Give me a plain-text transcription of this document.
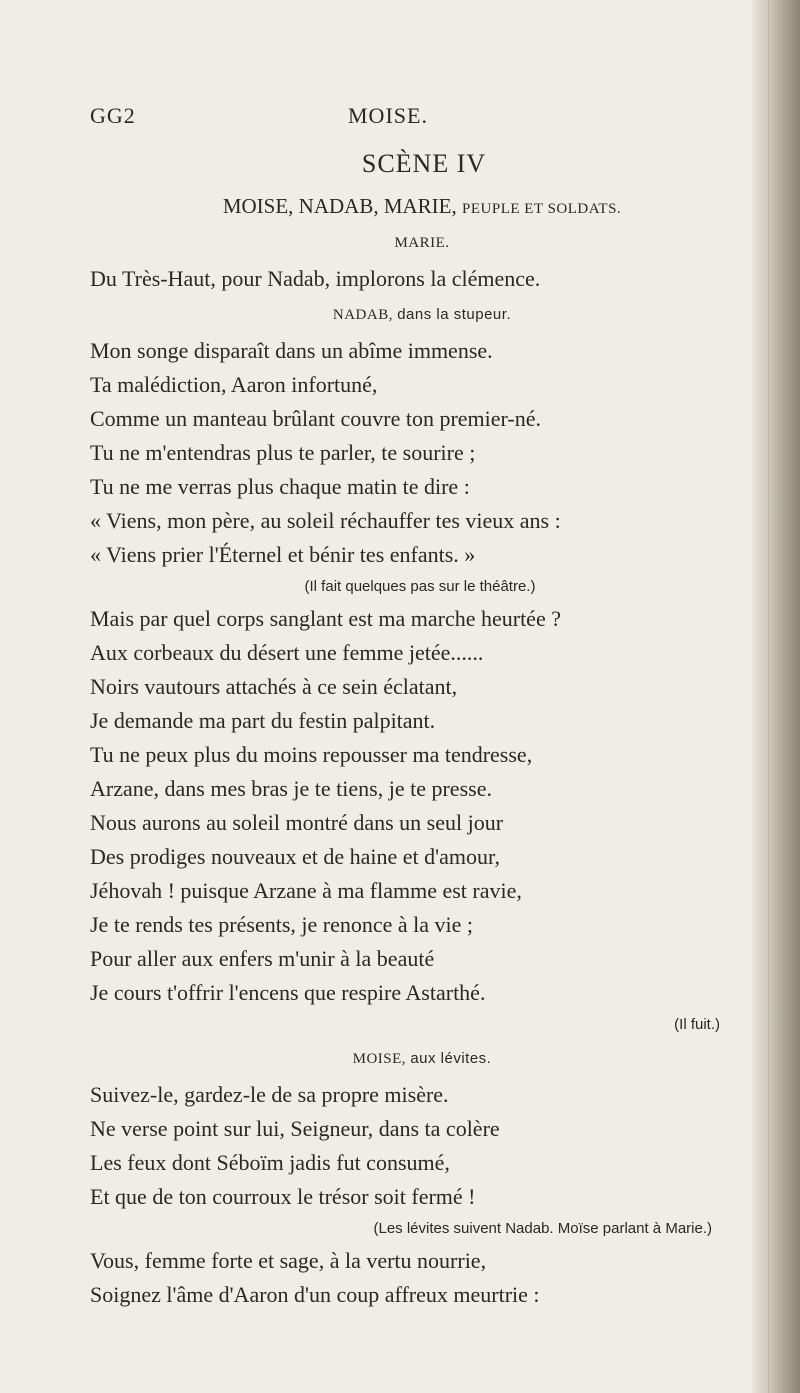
GG2	MOISE.

SCÈNE IV

MOISE, NADAB, MARIE, PEUPLE ET SOLDATS.

MARIE.

Du Très-Haut, pour Nadab, implorons la clémence.

NADAB, dans la stupeur.

Mon songe disparaît dans un abîme immense.

Ta malédiction, Aaron infortuné,

Comme un manteau brûlant couvre ton premier-né.

Tu ne m'entendras plus te parler, te sourire ;

Tu ne me verras plus chaque matin te dire :

« Viens, mon père, au soleil réchauffer tes vieux ans :

« Viens prier l'Éternel et bénir tes enfants. »

(Il fait quelques pas sur le théâtre.)

Mais par quel corps sanglant est ma marche heurtée ?

Aux corbeaux du désert une femme jetée......

Noirs vautours attachés à ce sein éclatant,

Je demande ma part du festin palpitant.

Tu ne peux plus du moins repousser ma tendresse,

Arzane, dans mes bras je te tiens, je te presse.

Nous aurons au soleil montré dans un seul jour

Des prodiges nouveaux et de haine et d'amour,

Jéhovah ! puisque Arzane à ma flamme est ravie,

Je te rends tes présents, je renonce à la vie ;

Pour aller aux enfers m'unir à la beauté

Je cours t'offrir l'encens que respire Astarthé.

(Il fuit.)

MOISE, aux lévites.

Suivez-le, gardez-le de sa propre misère.

Ne verse point sur lui, Seigneur, dans ta colère

Les feux dont Séboïm jadis fut consumé,

Et que de ton courroux le trésor soit fermé !

(Les lévites suivent Nadab. Moïse parlant à Marie.)

Vous, femme forte et sage, à la vertu nourrie,

Soignez l'âme d'Aaron d'un coup affreux meurtrie :
